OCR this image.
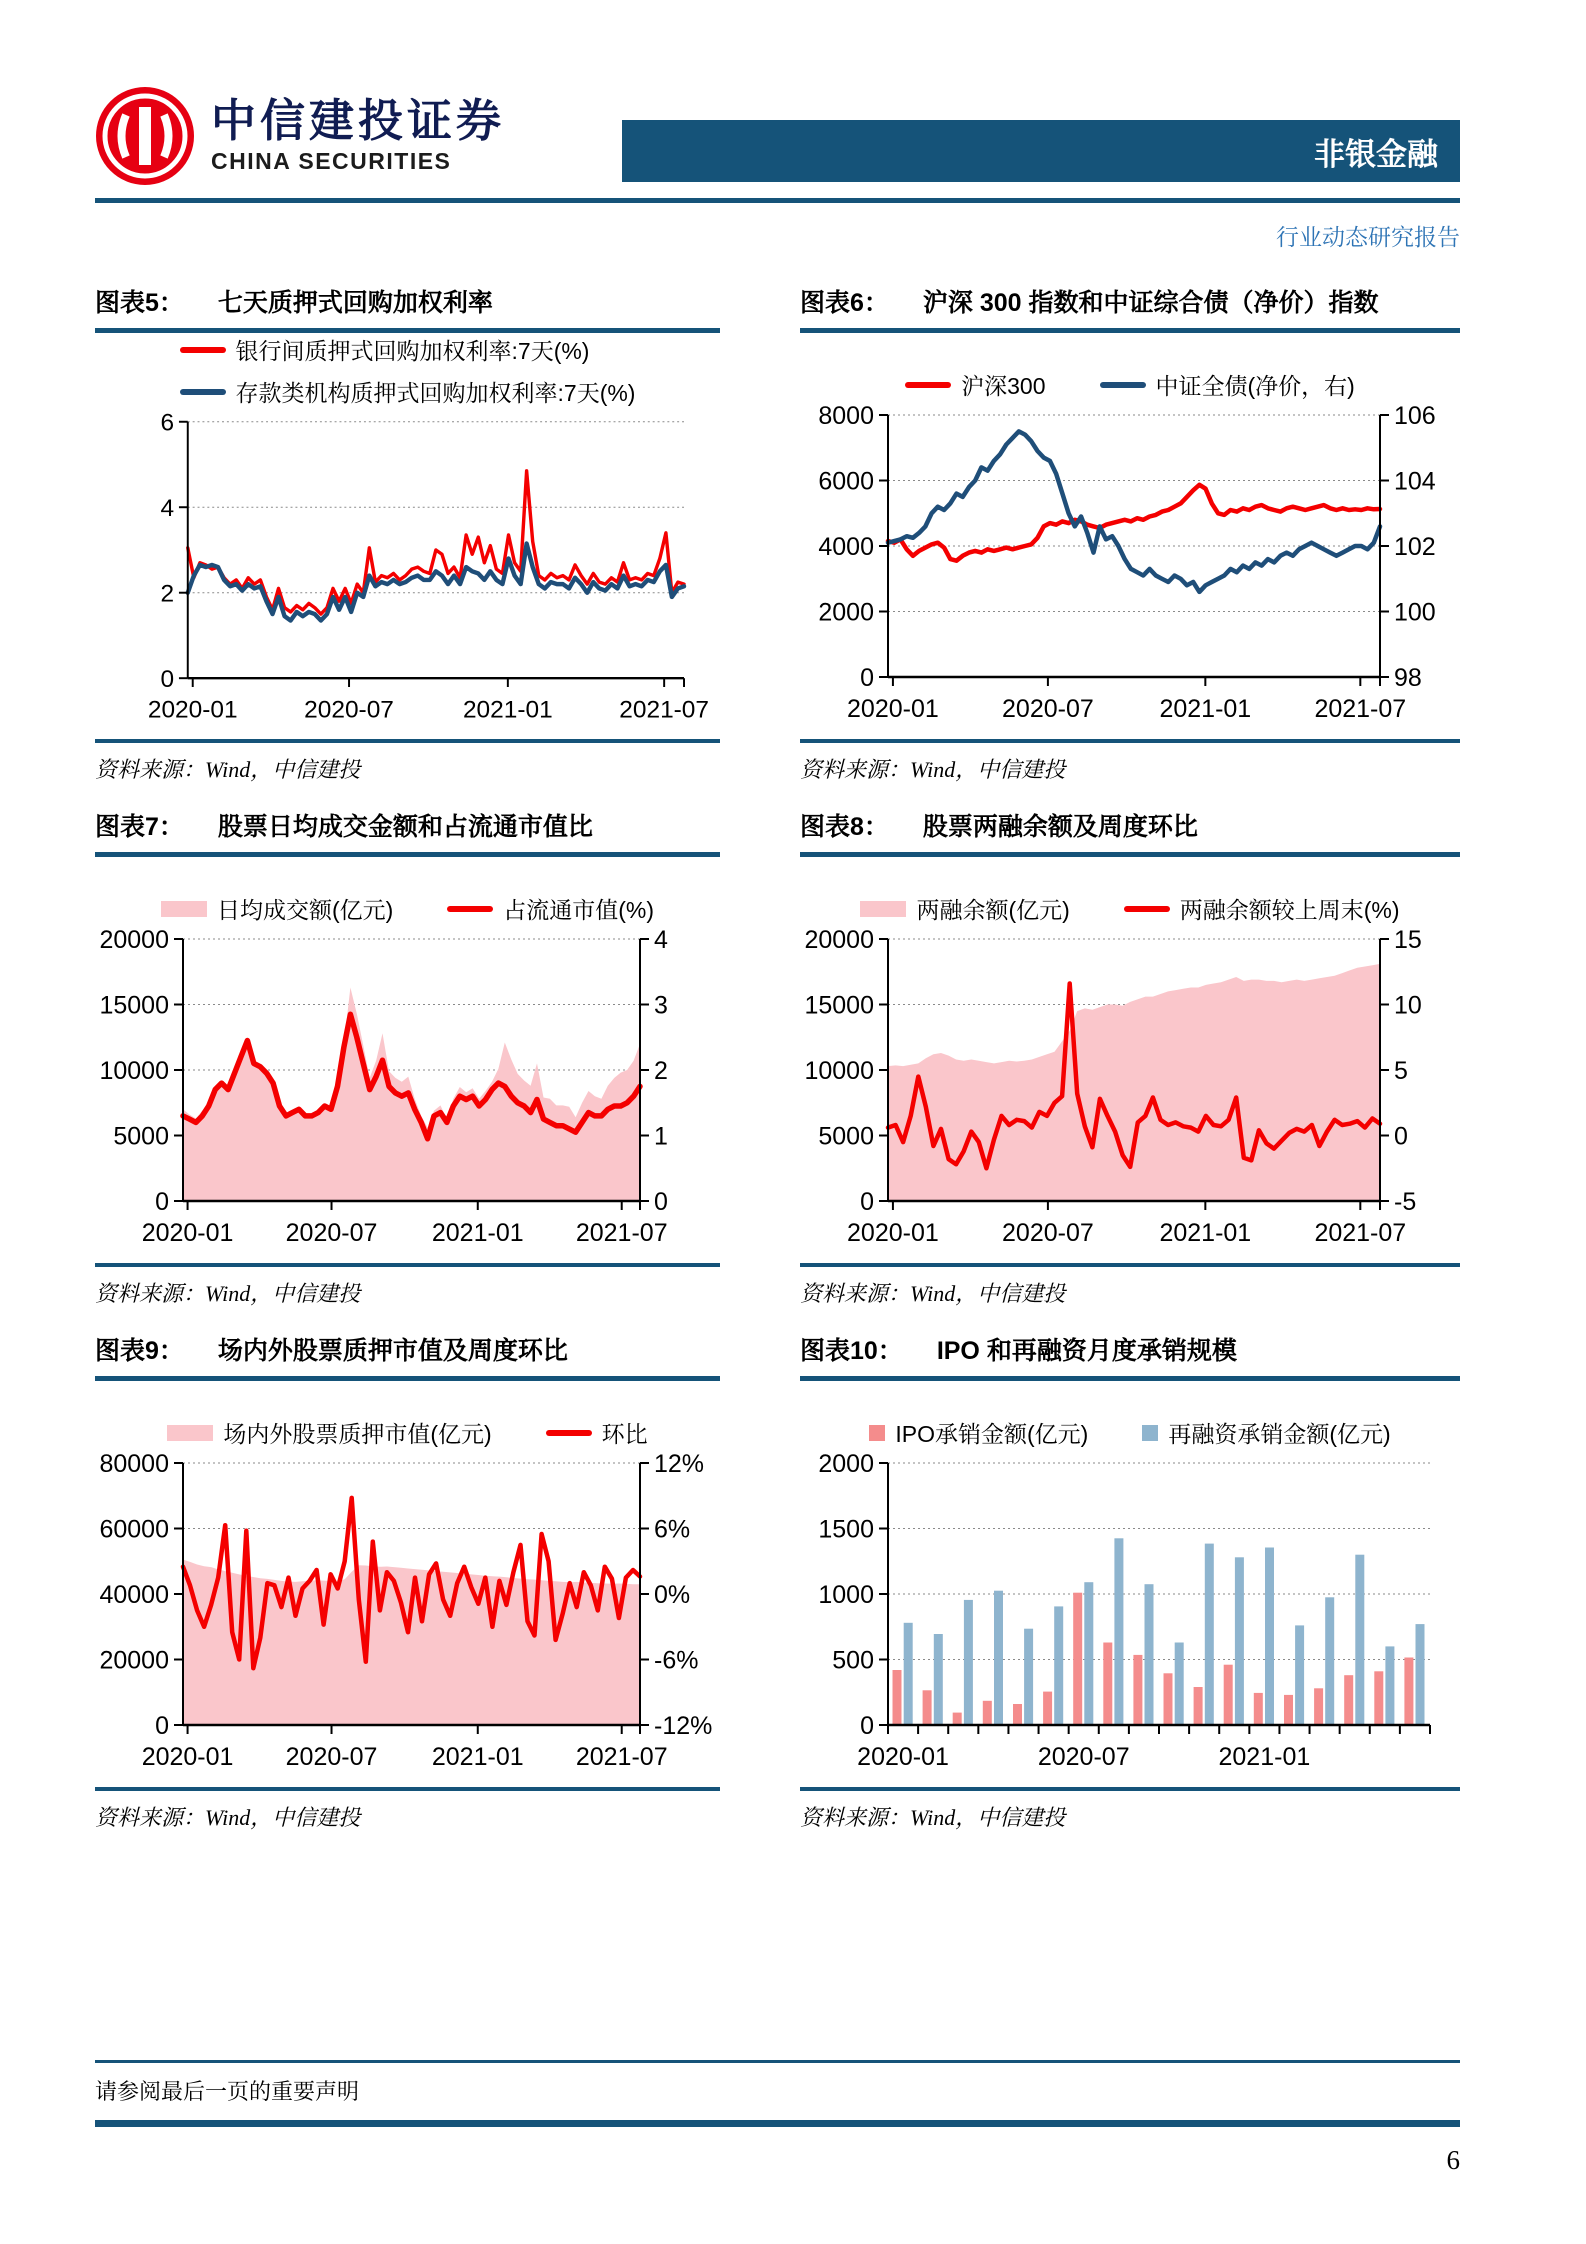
中信建投证券
CHINA SECURITIES	非银金融
行业动态研究报告
图表5： 七天质押式回购加权利率
银行间质押式回购加权利率:7天(%)
存款类机构质押式回购加权利率:7天(%)
2020-01	2020-07	2021-01	2021-07
0
2
4
6
资料来源：Wind，中信建投
图表6： 沪深 300 指数和中证综合债（净价）指数
沪深300	中证全债(净价，右)
2020-01	2020-07	2021-01	2021-07
0
2000
4000
6000
8000
98
100
102
104
106
资料来源：Wind，中信建投
图表7： 股票日均成交金额和占流通市值比
日均成交额(亿元)	占流通市值(%)
2020-01 2020-07 2021-01 2021-07
0
5000
10000
15000
20000
0
1
2
3
4
资料来源：Wind，中信建投
图表8： 股票两融余额及周度环比
两融余额(亿元)	两融余额较上周末(%)
2020-01	2020-07	2021-01	2021-07
0
5000
10000
15000
20000
-5
0
5
10
15
资料来源：Wind，中信建投
图表9： 场内外股票质押市值及周度环比
场内外股票质押市值(亿元)	环比
2020-01 2020-07 2021-01 2021-07
0
20000
40000
60000
80000
-12%
-6%
0%
6%
12%
资料来源：Wind，中信建投
图表10： IPO 和再融资月度承销规模
IPO承销金额(亿元)	再融资承销金额(亿元)
2020-01	2020-07	2021-01
0
500
1000
1500
2000
资料来源：Wind，中信建投
请参阅最后一页的重要声明
6
